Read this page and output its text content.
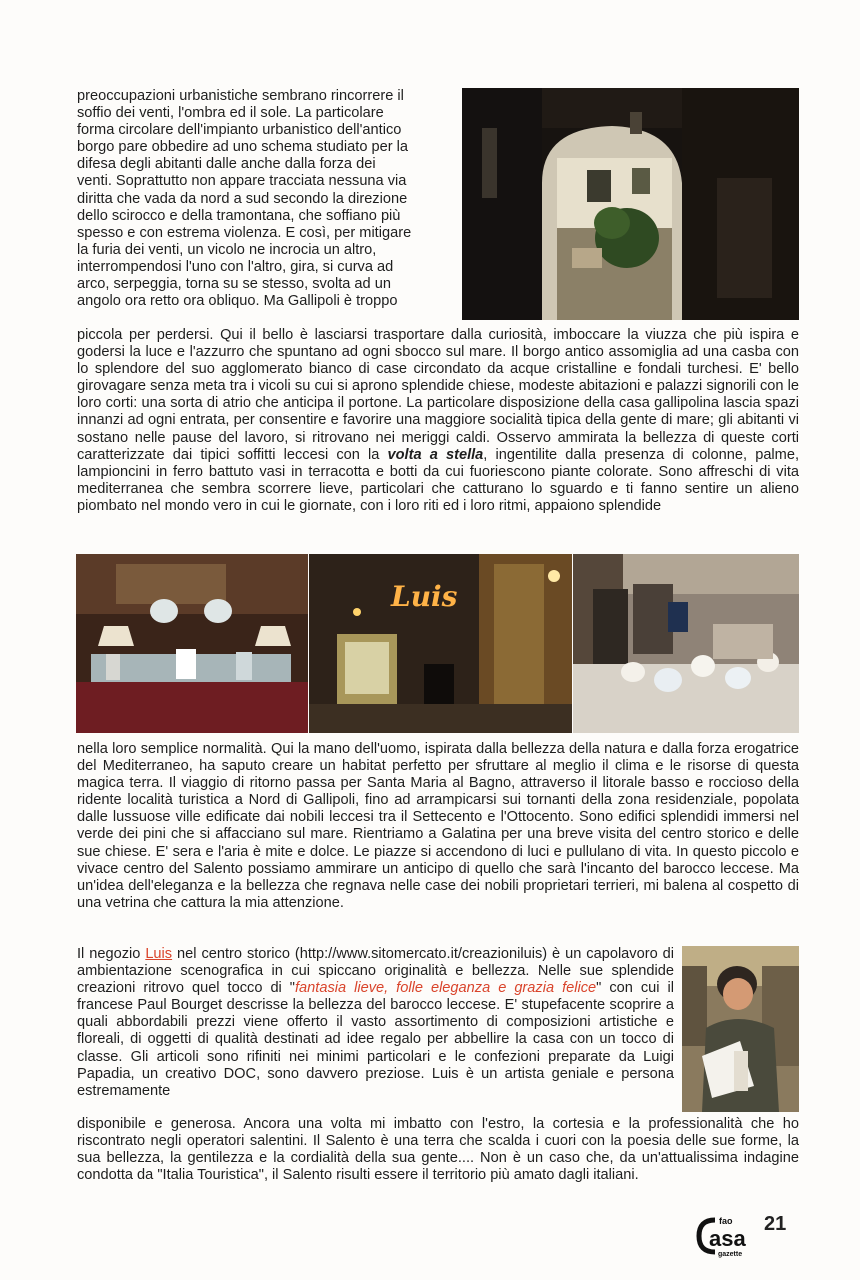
preoccupazioni urbanistiche sembrano rincorrere il
soffio dei venti, l'ombra ed il sole. La particolare
forma circolare dell'impianto urbanistico dell'antico
borgo pare obbedire ad uno schema studiato per la
difesa degli abitanti dalle anche dalla forza dei
venti. Soprattutto non appare tracciata nessuna via
diritta che vada da nord a sud secondo la direzione
dello scirocco e della tramontana, che soffiano più
spesso e con estrema violenza. E così, per mitigare
la furia dei venti, un vicolo ne incrocia un altro,
interrompendosi l'uno con l'altro, gira, si curva ad
arco, serpeggia, torna su se stesso, svolta ad un
angolo ora retto ora obliquo. Ma Gallipoli è troppo

piccola per perdersi. Qui il bello è lasciarsi trasportare dalla curiosità, imboccare la viuzza che più ispira e godersi la luce e l'azzurro che spuntano ad ogni sbocco sul mare. Il borgo antico assomiglia ad una casba con lo splendore del suo agglomerato bianco di case circondato da acque cristalline e fondali turchesi. E' bello girovagare senza meta tra i vicoli su cui si aprono splendide chiese, modeste abitazioni e palazzi signorili con le loro corti: una sorta di atrio che anticipa il portone. La particolare disposizione della casa gallipolina lascia spazi innanzi ad ogni entrata, per consentire e favorire una maggiore socialità tipica della gente di mare; gli abitanti vi sostano nelle pause del lavoro, si ritrovano nei meriggi caldi. Osservo ammirata la bellezza di queste corti caratterizzate dai tipici soffitti leccesi con la volta a stella, ingentilite dalla presenza di colonne, palme, lampioncini in ferro battuto vasi in terracotta e botti da cui fuoriescono piante colorate. Sono affreschi di vita mediterranea che sembra scorrere lieve, particolari che catturano lo sguardo e ti fanno sentire un alieno piombato nel mondo vero in cui le giornate, con i loro riti ed i loro ritmi, appaiono splendide

Luis

nella loro semplice normalità. Qui la mano dell'uomo, ispirata dalla bellezza della natura e dalla forza erogatrice del Mediterraneo, ha saputo creare un habitat perfetto per sfruttare al meglio il clima e le risorse di questa magica terra. Il viaggio di ritorno passa per Santa Maria al Bagno, attraverso il litorale basso e roccioso della ridente località turistica a Nord di Gallipoli, fino ad arrampicarsi sui tornanti della zona residenziale, popolata dalle lussuose ville edificate dai nobili leccesi tra il Settecento e l'Ottocento. Sono edifici splendidi immersi nel verde dei pini che si affacciano sul mare. Rientriamo a Galatina per una breve visita del centro storico e delle sue chiese. E' sera e l'aria è mite e dolce. Le piazze si accendono di luci e pullulano di vita. In questo piccolo e vivace centro del Salento possiamo ammirare un anticipo di quello che sarà l'incanto del barocco leccese. Ma un'idea dell'eleganza e la bellezza che regnava nelle case dei nobili proprietari terrieri, mi balena al cospetto di una vetrina che cattura la mia attenzione.

Il negozio Luis nel centro storico (http://www.sitomercato.it/creazioniluis) è un capolavoro di ambientazione scenografica in cui spiccano originalità e bellezza. Nelle sue splendide creazioni ritrovo quel tocco di "fantasia lieve, folle eleganza e grazia felice" con cui il francese Paul Bourget descrisse la bellezza del barocco leccese. E' stupefacente scoprire a quali abbordabili prezzi viene offerto il vasto assortimento di composizioni artistiche e floreali, di oggetti di qualità destinati ad idee regalo per abbellire la casa con un tocco di classe. Gli articoli sono rifiniti nei minimi particolari e le confezioni preparate da Luigi Papadia, un creativo DOC, sono davvero preziose. Luis è un artista geniale e persona estremamente

disponibile e generosa. Ancora una volta mi imbatto con l'estro, la cortesia e la professionalità che ho riscontrato negli operatori salentini. Il Salento è una terra che scalda i cuori con la poesia delle sue forme, la sua bellezza, la gentilezza e la cordialità della sua gente.... Non è un caso che, da un'attualissima indagine condotta da "Italia Touristica", il Salento risulti essere il territorio più amato dagli italiani.

fao
asa
gazette
21
